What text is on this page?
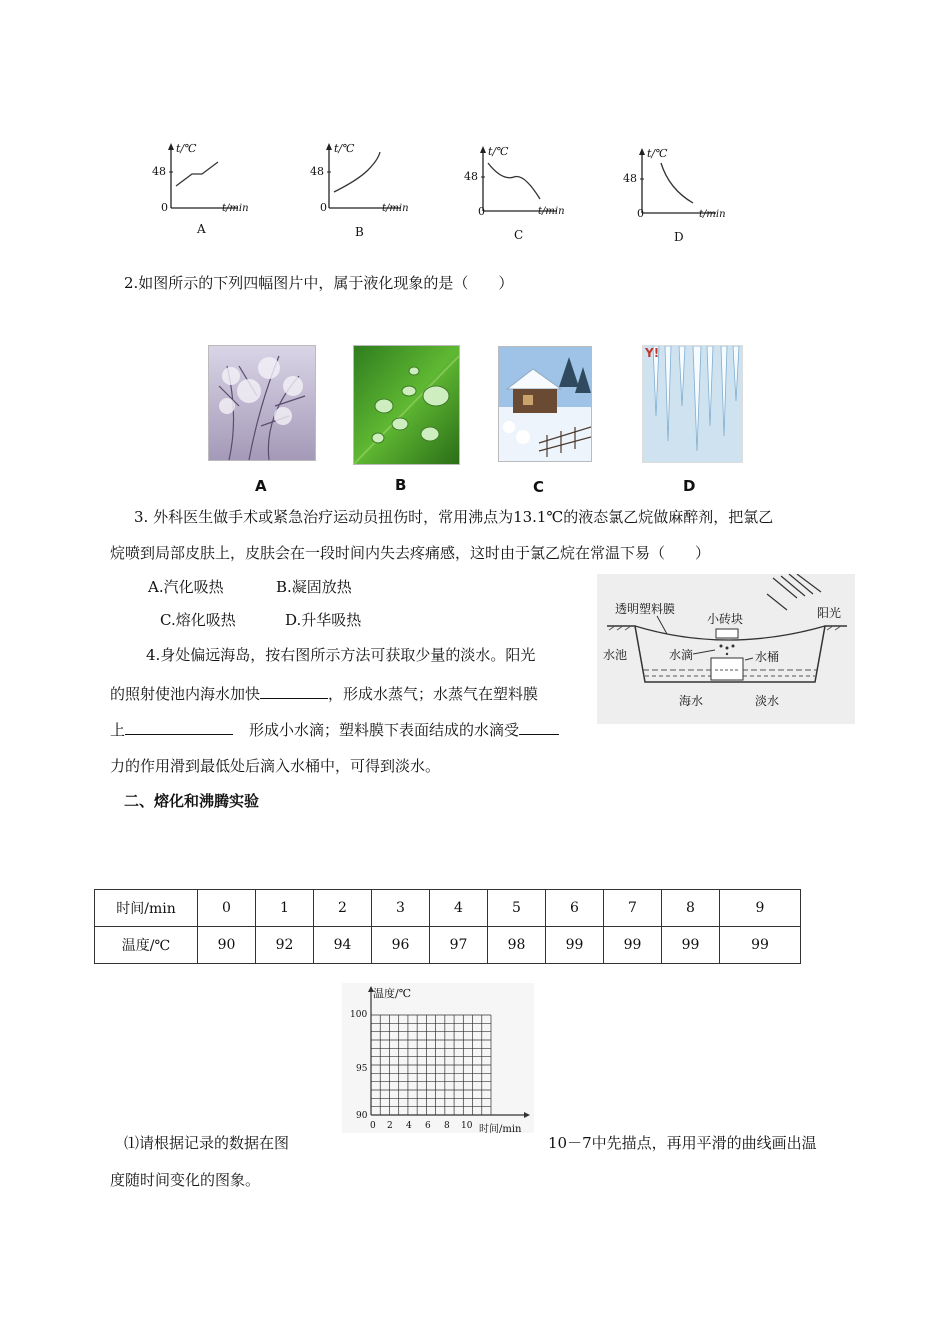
t/℃
48
0	t/min
A
t/℃
48
0	t/min
B
t/℃
48
0	t/min
C
t/℃
48
0	t/min
D
2.如图所示的下列四幅图片中，属于液化现象的是（　　）
A	B	C
Y!
D
3. 外科医生做手术或紧急治疗运动员扭伤时，常用沸点为13.1℃的液态氯乙烷做麻醉剂，把氯乙
烷喷到局部皮肤上，皮肤会在一段时间内失去疼痛感，这时由于氯乙烷在常温下易（　　）
A.汽化吸热	B.凝固放热
C.熔化吸热	D.升华吸热
透明塑料膜
小砖块	阳光
水池	水滴	水桶
海水	淡水
4.身处偏远海岛，按右图所示方法可获取少量的淡水。阳光
的照射使池内海水加快	，形成水蒸气；水蒸气在塑料膜
上	形成小水滴；塑料膜下表面结成的水滴受
力的作用滑到最低处后滴入水桶中，可得到淡水。
二、熔化和沸腾实验
时间/min	0	1	2	3	4	5	6	7	8	9
温度/℃	90	92	94	96	97	98	99	99	99	99
温度/℃
100
95
90
0 2 4 6 8 10 时间/min
⑴请根据记录的数据在图	10－7中先描点，再用平滑的曲线画出温
度随时间变化的图象。
